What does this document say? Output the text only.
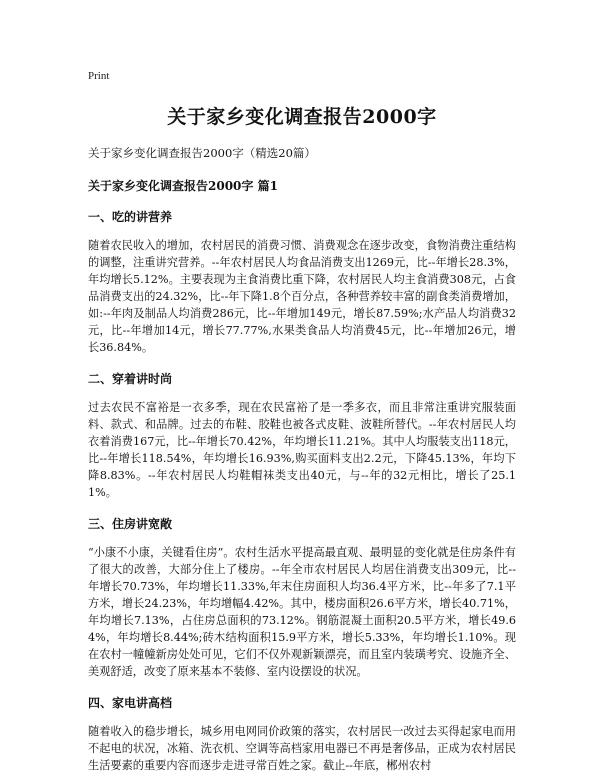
Print
关于家乡变化调查报告2000字
关于家乡变化调查报告2000字（精选20篇）
关于家乡变化调查报告2000字 篇1
一、吃的讲营养
随着农民收入的增加，农村居民的消费习惯、消费观念在逐步改变，食物消费注重结构的调整，注重讲究营养。--年农村居民人均食品消费支出1269元，比--年增长28.3%，年均增长5.12%。主要表现为主食消费比重下降，农村居民人均主食消费308元，占食品消费支出的24.32%，比--年下降1.8个百分点，各种营养较丰富的副食类消费增加，如:--年肉及制品人均消费286元，比--年增加149元，增长87.59%;水产品人均消费32元，比--年增加14元，增长77.77%,水果类食品人均消费45元，比--年增加26元，增长36.84%。
二、穿着讲时尚
过去农民不富裕是一衣多季，现在农民富裕了是一季多衣，而且非常注重讲究服装面料、款式、和品牌。过去的布鞋、胶鞋也被各式皮鞋、波鞋所替代。--年农村居民人均衣着消费167元，比--年增长70.42%，年均增长11.21%。其中人均服装支出118元，比--年增长118.54%，年均增长16.93%,购买面料支出2.2元，下降45.13%，年均下降8.83%。--年农村居民人均鞋帽袜类支出40元，与--年的32元相比，增长了25.11%。
三、住房讲宽敞
“小康不小康，关键看住房”。农村生活水平提高最直观、最明显的变化就是住房条件有了很大的改善，大部分住上了楼房。--年全市农村居民人均居住消费支出309元，比--年增长70.73%，年均增长11.33%,年末住房面积人均36.4平方米，比--年多了7.1平方米，增长24.23%，年均增幅4.42%。其中，楼房面积26.6平方米，增长40.71%，年均增长7.13%，占住房总面积的73.12%。钢筋混凝土面积20.5平方米，增长49.64%，年均增长8.44%;砖木结构面积15.9平方米，增长5.33%，年均增长1.10%。现在农村一幢幢新房处处可见，它们不仅外观新颖漂亮，而且室内装璜考究、设施齐全、美观舒适，改变了原来基本不装修、室内设摆设的状况。
四、家电讲高档
随着收入的稳步增长，城乡用电网同价政策的落实，农村居民一改过去买得起家电而用不起电的状况，冰箱、洗衣机、空调等高档家用电器已不再是奢侈品，正成为农村居民生活要素的重要内容而逐步走进寻常百姓之家。截止--年底，郴州农村
